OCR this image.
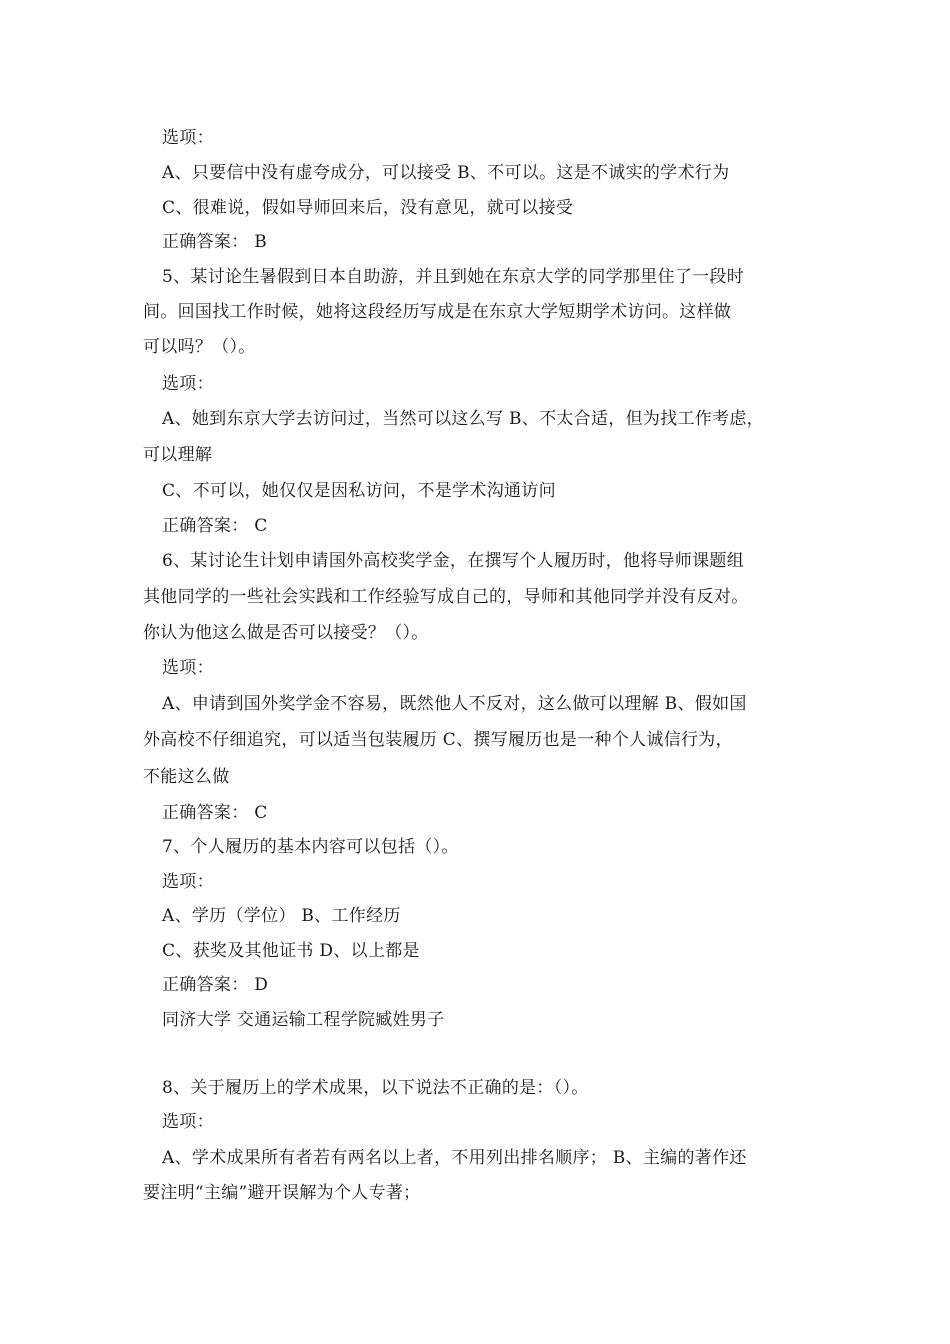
选项：
A、只要信中没有虚夸成分，可以接受 B、不可以。这是不诚实的学术行为
C、很难说，假如导师回来后，没有意见，就可以接受
正确答案： B
5、某讨论生暑假到日本自助游，并且到她在东京大学的同学那里住了一段时
间。回国找工作时候，她将这段经历写成是在东京大学短期学术访问。这样做
可以吗？（）。
选项：
A、她到东京大学去访问过，当然可以这么写 B、不太合适，但为找工作考虑，
可以理解
C、不可以，她仅仅是因私访问，不是学术沟通访问
正确答案： C
6、某讨论生计划申请国外高校奖学金，在撰写个人履历时，他将导师课题组
其他同学的一些社会实践和工作经验写成自己的，导师和其他同学并没有反对。
你认为他这么做是否可以接受？（）。
选项：
A、申请到国外奖学金不容易，既然他人不反对，这么做可以理解 B、假如国
外高校不仔细追究，可以适当包装履历 C、撰写履历也是一种个人诚信行为，
不能这么做
正确答案： C
7、个人履历的基本内容可以包括（）。
选项：
A、学历（学位） B、工作经历
C、获奖及其他证书 D、以上都是
正确答案： D
同济大学 交通运输工程学院臧姓男子
8、关于履历上的学术成果，以下说法不正确的是：（）。
选项：
A、学术成果所有者若有两名以上者，不用列出排名顺序； B、主编的著作还
要注明“主编”避开误解为个人专著；
